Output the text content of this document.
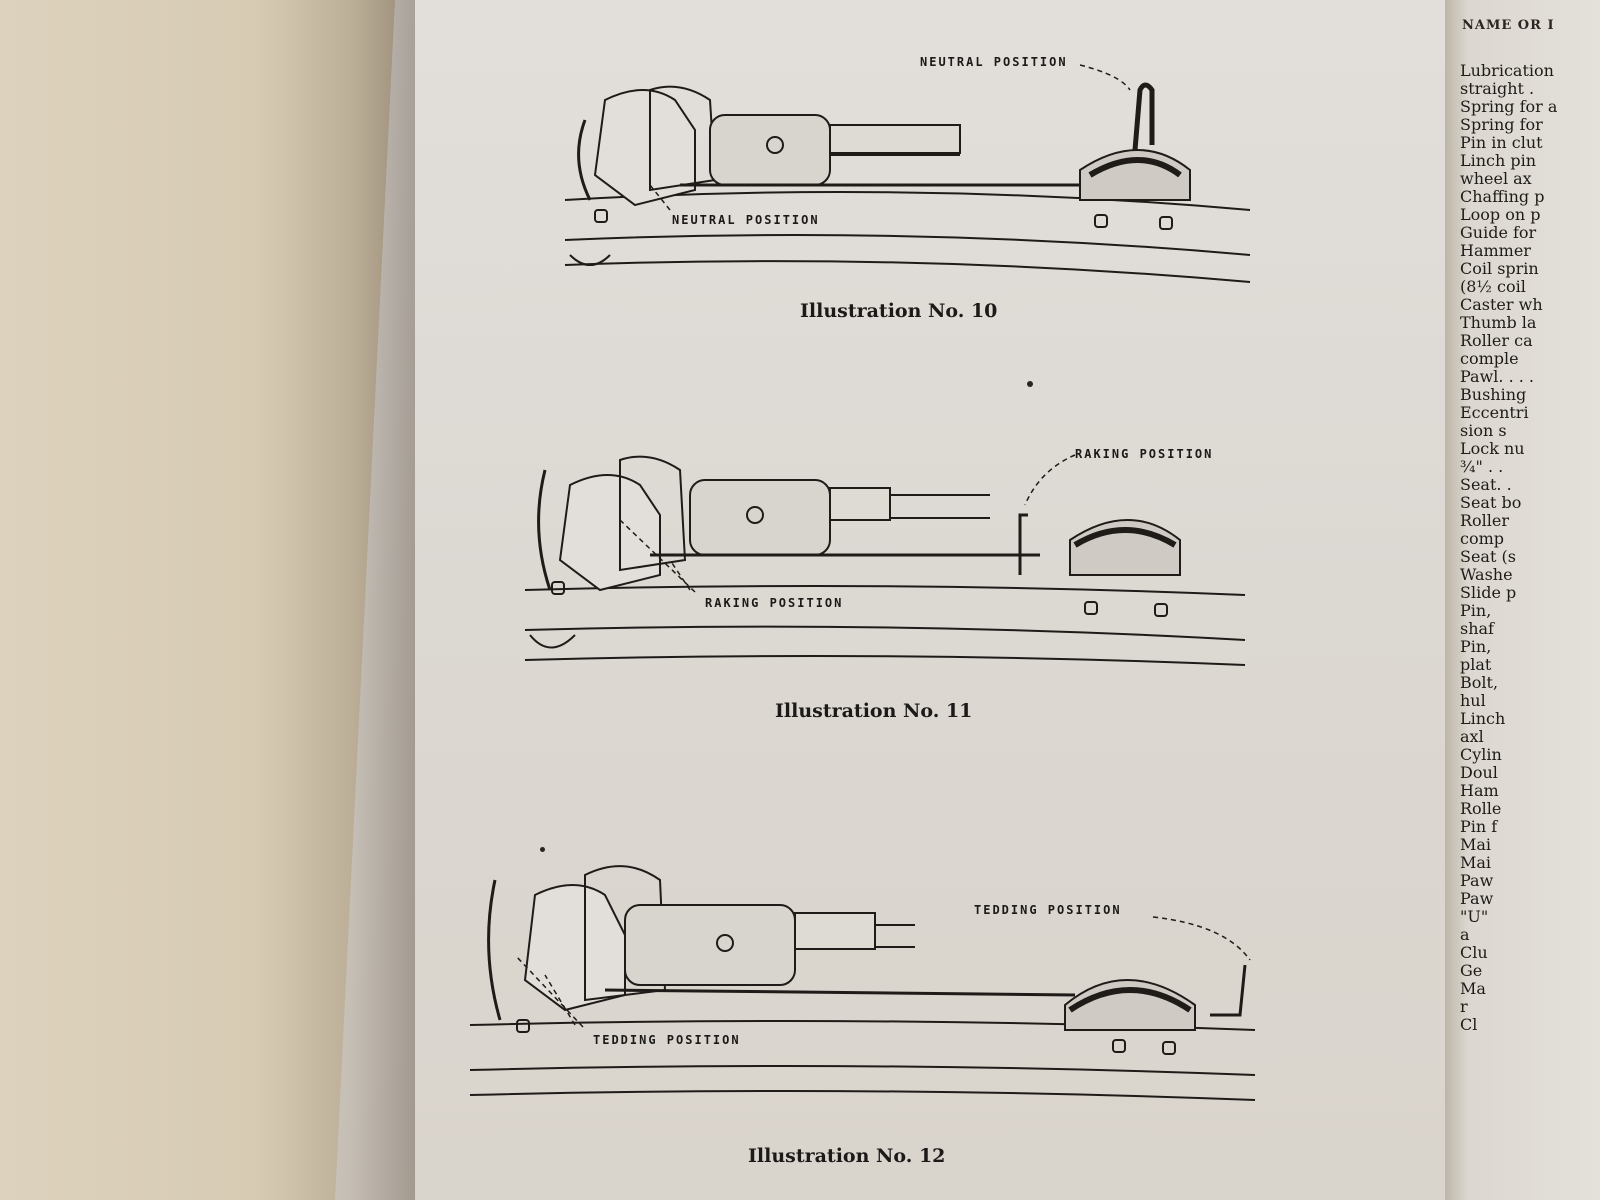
NAME OR I
Lubrication
straight .
Spring for a
Spring for
Pin in clut
Linch pin
wheel ax
Chaffing p
Loop on p
Guide for
Hammer
Coil sprin
(8½ coil
Caster wh
Thumb la
Roller ca
comple
Pawl. . . .
Bushing
Eccentri
sion s
Lock nu
¾" . .
Seat. .
Seat bo
Roller
comp
Seat (s
Washe
Slide p
Pin,
shaf
Pin,
plat
Bolt,
hul
Linch
axl
Cylin
Doul
Ham
Rolle
Pin f
Mai
Mai
Paw
Paw
"U"
a
Clu
Ge
Ma
r
Cl
NEUTRAL POSITION
NEUTRAL POSITION
Illustration No. 10
RAKING POSITION
RAKING POSITION
Illustration No. 11
TEDDING POSITION
TEDDING POSITION
Illustration No. 12
